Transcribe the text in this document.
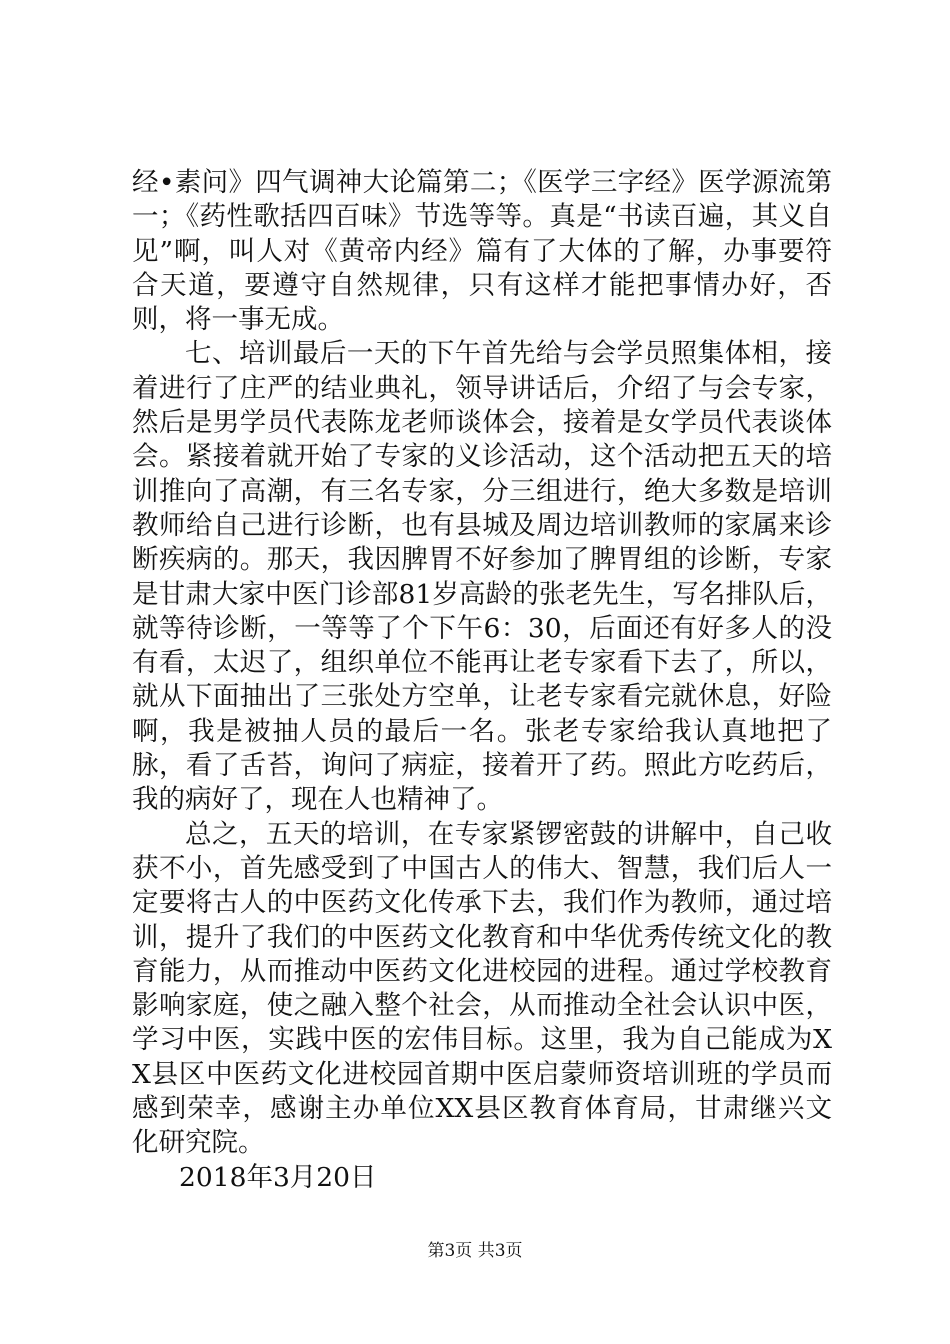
经•素问》四气调神大论篇第二；《医学三字经》医学源流第一；《药性歌括四百味》节选等等。真是“书读百遍，其义自见”啊，叫人对《黄帝内经》篇有了大体的了解，办事要符合天道，要遵守自然规律，只有这样才能把事情办好，否则，将一事无成。

七、培训最后一天的下午首先给与会学员照集体相，接着进行了庄严的结业典礼，领导讲话后，介绍了与会专家，然后是男学员代表陈龙老师谈体会，接着是女学员代表谈体会。紧接着就开始了专家的义诊活动，这个活动把五天的培训推向了高潮，有三名专家，分三组进行，绝大多数是培训教师给自己进行诊断，也有县城及周边培训教师的家属来诊断疾病的。那天，我因脾胃不好参加了脾胃组的诊断，专家是甘肃大家中医门诊部81岁高龄的张老先生，写名排队后，就等待诊断，一等等了个下午6：30，后面还有好多人的没有看，太迟了，组织单位不能再让老专家看下去了，所以，就从下面抽出了三张处方空单，让老专家看完就休息，好险啊，我是被抽人员的最后一名。张老专家给我认真地把了脉，看了舌苔，询问了病症，接着开了药。照此方吃药后，我的病好了，现在人也精神了。

总之，五天的培训，在专家紧锣密鼓的讲解中，自己收获不小，首先感受到了中国古人的伟大、智慧，我们后人一定要将古人的中医药文化传承下去，我们作为教师，通过培训，提升了我们的中医药文化教育和中华优秀传统文化的教育能力，从而推动中医药文化进校园的进程。通过学校教育影响家庭，使之融入整个社会，从而推动全社会认识中医，学习中医，实践中医的宏伟目标。这里，我为自己能成为XX县区中医药文化进校园首期中医启蒙师资培训班的学员而感到荣幸，感谢主办单位XX县区教育体育局，甘肃继兴文化研究院。

2018年3月20日

第3页 共3页
